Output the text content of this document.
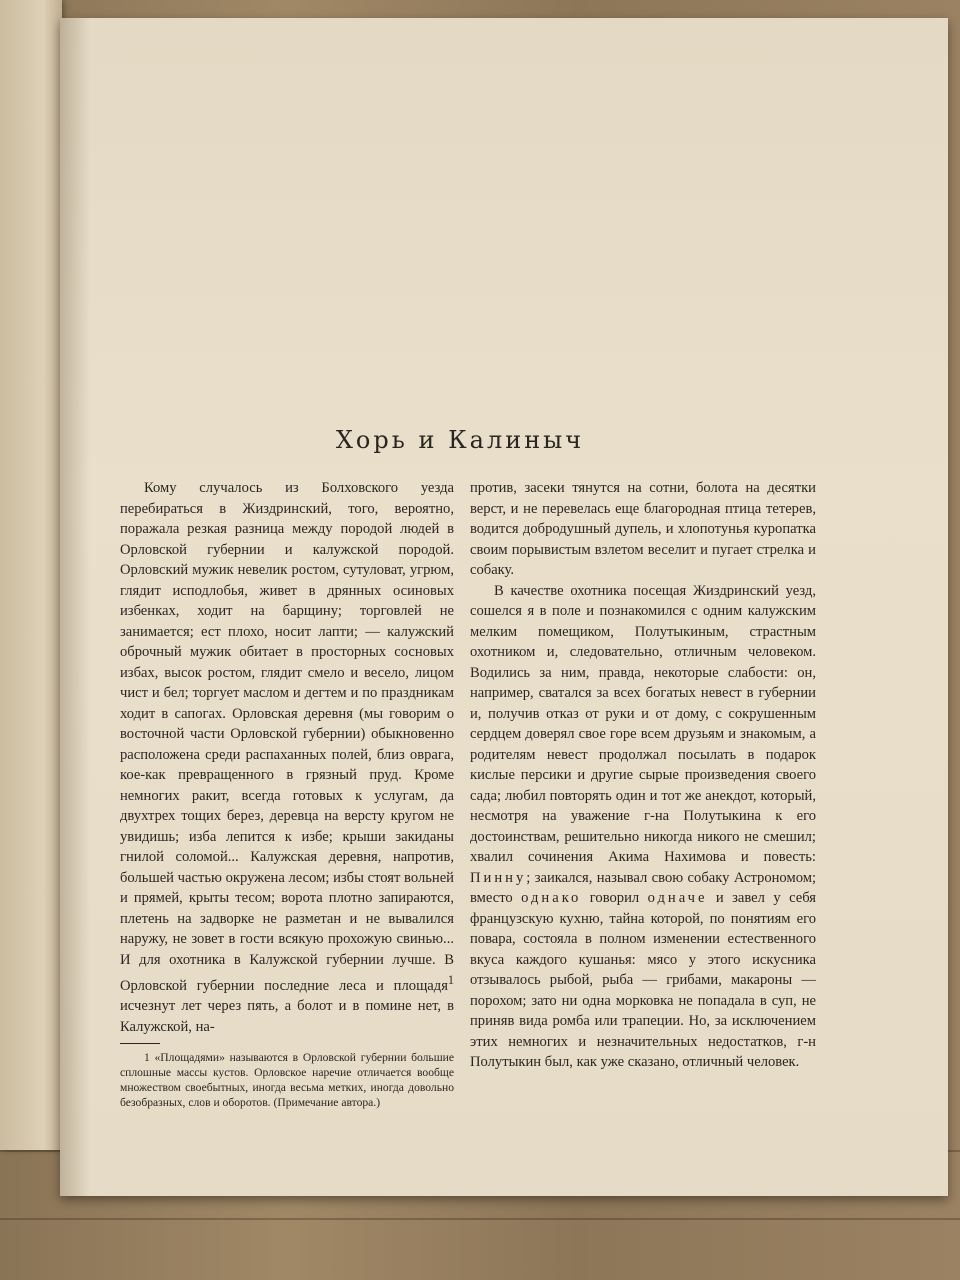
Хорь и Калиныч

Кому случалось из Болховского уезда перебираться в Жиздринский, того, вероятно, поражала резкая разница между породой людей в Орловской губернии и калужской породой. Орловский мужик невелик ростом, сутуловат, угрюм, глядит исподлобья, живет в дрянных осиновых избенках, ходит на барщину; торговлей не занимается; ест плохо, носит лапти; — калужский оброчный мужик обитает в просторных сосновых избах, высок ростом, глядит смело и весело, лицом чист и бел; торгует маслом и дегтем и по праздникам ходит в сапогах. Орловская деревня (мы говорим о восточной части Орловской губернии) обыкновенно расположена среди распаханных полей, близ оврага, кое-как превращенного в грязный пруд. Кроме немногих ракит, всегда готовых к услугам, да двухтрех тощих берез, деревца на версту кругом не увидишь; изба лепится к избе; крыши закиданы гнилой соломой... Калужская деревня, напротив, большей частью окружена лесом; избы стоят вольней и прямей, крыты тесом; ворота плотно запираются, плетень на задворке не разметан и не вывалился наружу, не зовет в гости всякую прохожую свинью... И для охотника в Калужской губернии лучше. В Орловской губернии последние леса и площадя$^1$ исчезнут лет через пять, а болот и в помине нет, в Калужской, на-

1 «Площадями» называются в Орловской губернии большие сплошные массы кустов. Орловское наречие отличается вообще множеством своебытных, иногда весьма метких, иногда довольно безобразных, слов и оборотов. (Примечание автора.)

против, засеки тянутся на сотни, болота на десятки верст, и не перевелась еще благородная птица тетерев, водится добродушный дупель, и хлопотунья куропатка своим порывистым взлетом веселит и пугает стрелка и собаку.

В качестве охотника посещая Жиздринский уезд, сошелся я в поле и познакомился с одним калужским мелким помещиком, Полутыкиным, страстным охотником и, следовательно, отличным человеком. Водились за ним, правда, некоторые слабости: он, например, сватался за всех богатых невест в губернии и, получив отказ от руки и от дому, с сокрушенным сердцем доверял свое горе всем друзьям и знакомым, а родителям невест продолжал посылать в подарок кислые персики и другие сырые произведения своего сада; любил повторять один и тот же анекдот, который, несмотря на уважение г-на Полутыкина к его достоинствам, решительно никогда никого не смешил; хвалил сочинения Акима Нахимова и повесть: Пинну; заикался, называл свою собаку Астрономом; вместо однако говорил одначе и завел у себя французскую кухню, тайна которой, по понятиям его повара, состояла в полном изменении естественного вкуса каждого кушанья: мясо у этого искусника отзывалось рыбой, рыба — грибами, макароны — порохом; зато ни одна морковка не попадала в суп, не приняв вида ромба или трапеции. Но, за исключением этих немногих и незначительных недостатков, г-н Полутыкин был, как уже сказано, отличный человек.
